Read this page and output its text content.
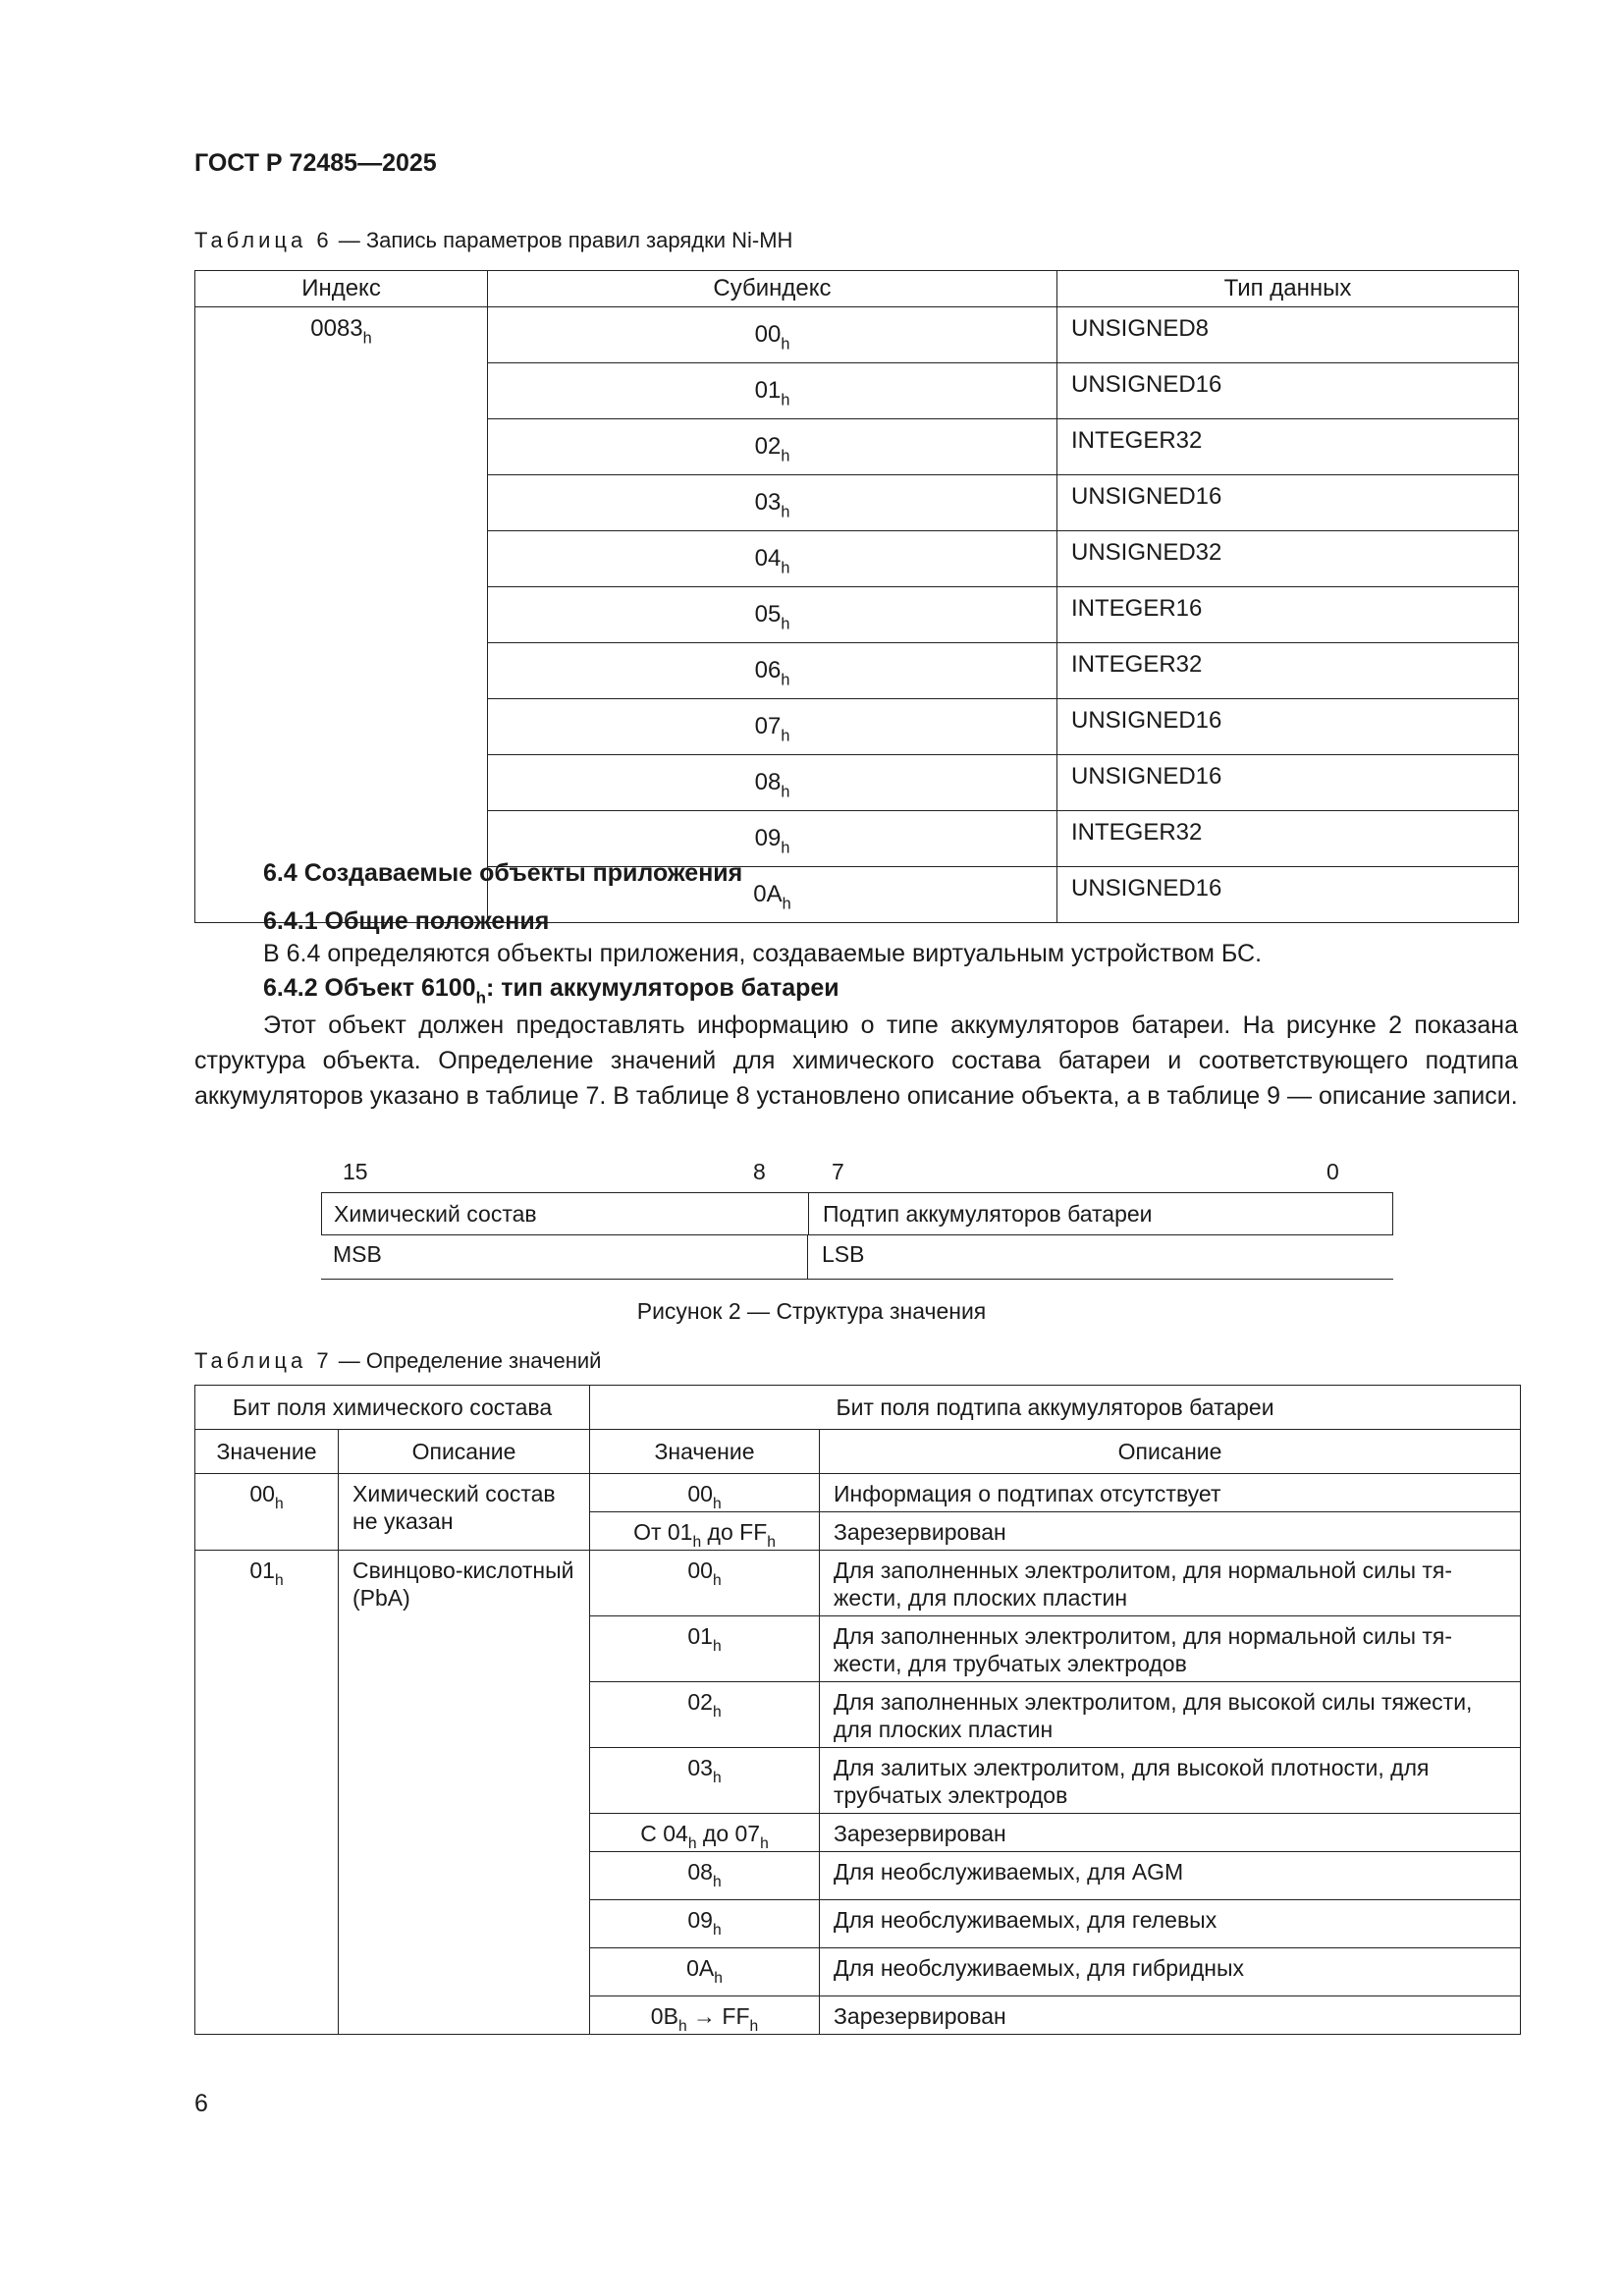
ГОСТ Р 72485—2025
Таблица 6 — Запись параметров правил зарядки Ni-MH
Индекс	Субиндекс	Тип данных
$0083_h$	$00_h$	UNSIGNED8
	$01_h$	UNSIGNED16
	$02_h$	INTEGER32
	$03_h$	UNSIGNED16
	$04_h$	UNSIGNED32
	$05_h$	INTEGER16
	$06_h$	INTEGER32
	$07_h$	UNSIGNED16
	$08_h$	UNSIGNED16
	$09_h$	INTEGER32
	$0A_h$	UNSIGNED16
6.4 Создаваемые объекты приложения
6.4.1 Общие положения
В 6.4 определяются объекты приложения, создаваемые виртуальным устройством БС.
6.4.2 Объект $6100_h$: тип аккумуляторов батареи
Этот объект должен предоставлять информацию о типе аккумуляторов батареи. На рисунке 2 показана структура объекта. Определение значений для химического состава батареи и соответствующего подтипа аккумуляторов указано в таблице 7. В таблице 8 установлено описание объекта, а в таблице 9 — описание записи.
15	8	7	0
Химический состав	Подтип аккумуляторов батареи
MSB	LSB
Рисунок 2 — Структура значения
Таблица 7 — Определение значений
Бит поля химического состава		Бит поля подтипа аккумуляторов батареи	
Значение	Описание	Значение	Описание
$00_h$	Химический состав не указан	$00_h$	Информация о подтипах отсутствует
		От $01_h$ до $FF_h$	Зарезервирован
$01_h$	Свинцово-кислотный (PbA)	$00_h$	Для заполненных электролитом, для нормальной силы тяжести, для плоских пластин
		$01_h$	Для заполненных электролитом, для нормальной силы тяжести, для трубчатых электродов
		$02_h$	Для заполненных электролитом, для высокой силы тяжести, для плоских пластин
		$03_h$	Для залитых электролитом, для высокой плотности, для трубчатых электродов
		С $04_h$ до $07_h$	Зарезервирован
		$08_h$	Для необслуживаемых, для AGM
		$09_h$	Для необслуживаемых, для гелевых
		$0A_h$	Для необслуживаемых, для гибридных
		$0B_h \to FF_h$	Зарезервирован
6
